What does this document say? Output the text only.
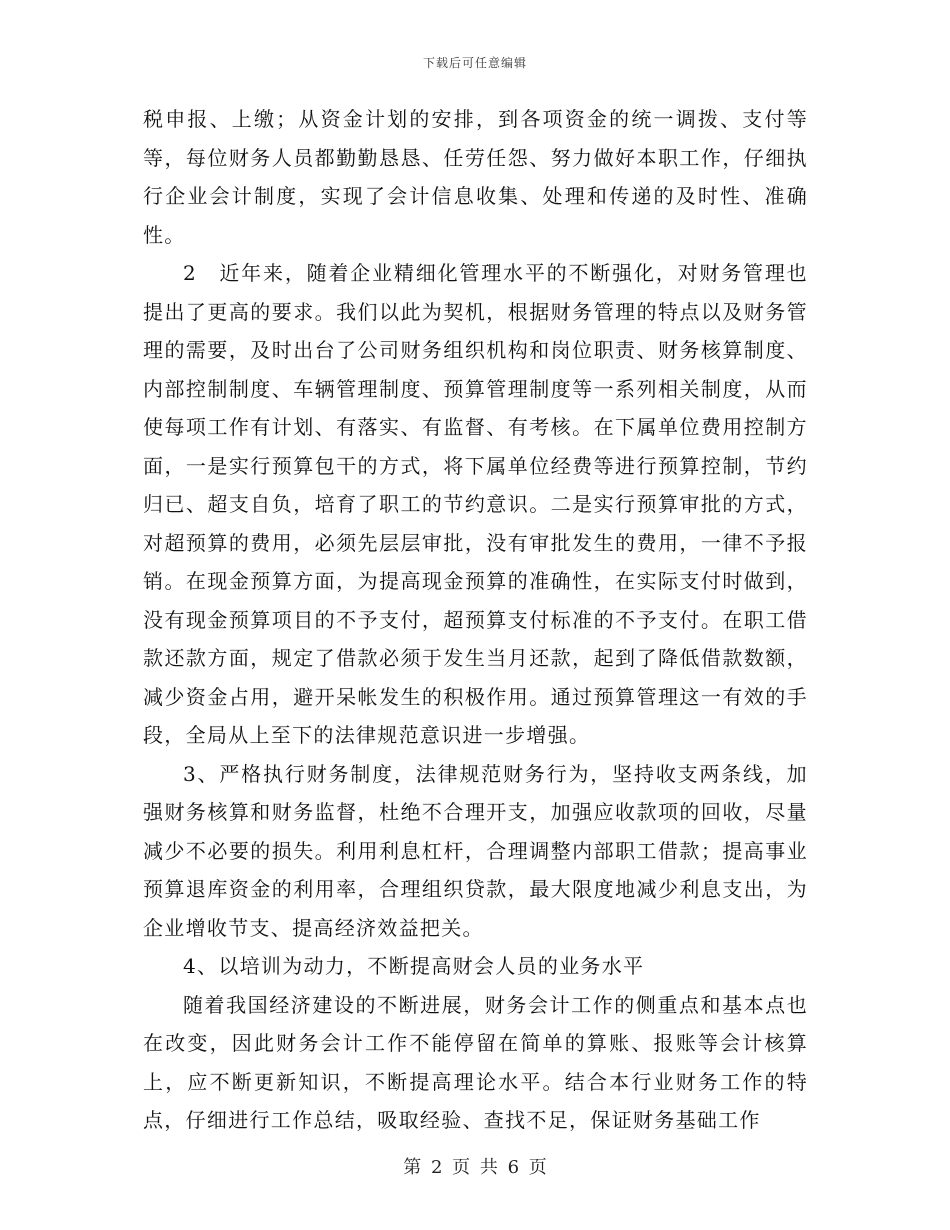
下载后可任意编辑

税申报、上缴；从资金计划的安排，到各项资金的统一调拨、支付等等，每位财务人员都勤勤恳恳、任劳任怨、努力做好本职工作，仔细执行企业会计制度，实现了会计信息收集、处理和传递的及时性、准确性。

2　近年来，随着企业精细化管理水平的不断强化，对财务管理也提出了更高的要求。我们以此为契机，根据财务管理的特点以及财务管理的需要，及时出台了公司财务组织机构和岗位职责、财务核算制度、内部控制制度、车辆管理制度、预算管理制度等一系列相关制度，从而使每项工作有计划、有落实、有监督、有考核。在下属单位费用控制方面，一是实行预算包干的方式，将下属单位经费等进行预算控制，节约归已、超支自负，培育了职工的节约意识。二是实行预算审批的方式，对超预算的费用，必须先层层审批，没有审批发生的费用，一律不予报销。在现金预算方面，为提高现金预算的准确性，在实际支付时做到，没有现金预算项目的不予支付，超预算支付标准的不予支付。在职工借款还款方面，规定了借款必须于发生当月还款，起到了降低借款数额，减少资金占用，避开呆帐发生的积极作用。通过预算管理这一有效的手段，全局从上至下的法律规范意识进一步增强。

3、严格执行财务制度，法律规范财务行为，坚持收支两条线，加强财务核算和财务监督，杜绝不合理开支，加强应收款项的回收，尽量减少不必要的损失。利用利息杠杆，合理调整内部职工借款；提高事业预算退库资金的利用率，合理组织贷款，最大限度地减少利息支出，为企业增收节支、提高经济效益把关。

4、以培训为动力，不断提高财会人员的业务水平

随着我国经济建设的不断进展，财务会计工作的侧重点和基本点也在改变，因此财务会计工作不能停留在简单的算账、报账等会计核算上，应不断更新知识，不断提高理论水平。结合本行业财务工作的特点，仔细进行工作总结，吸取经验、查找不足，保证财务基础工作

第 2 页 共 6 页
